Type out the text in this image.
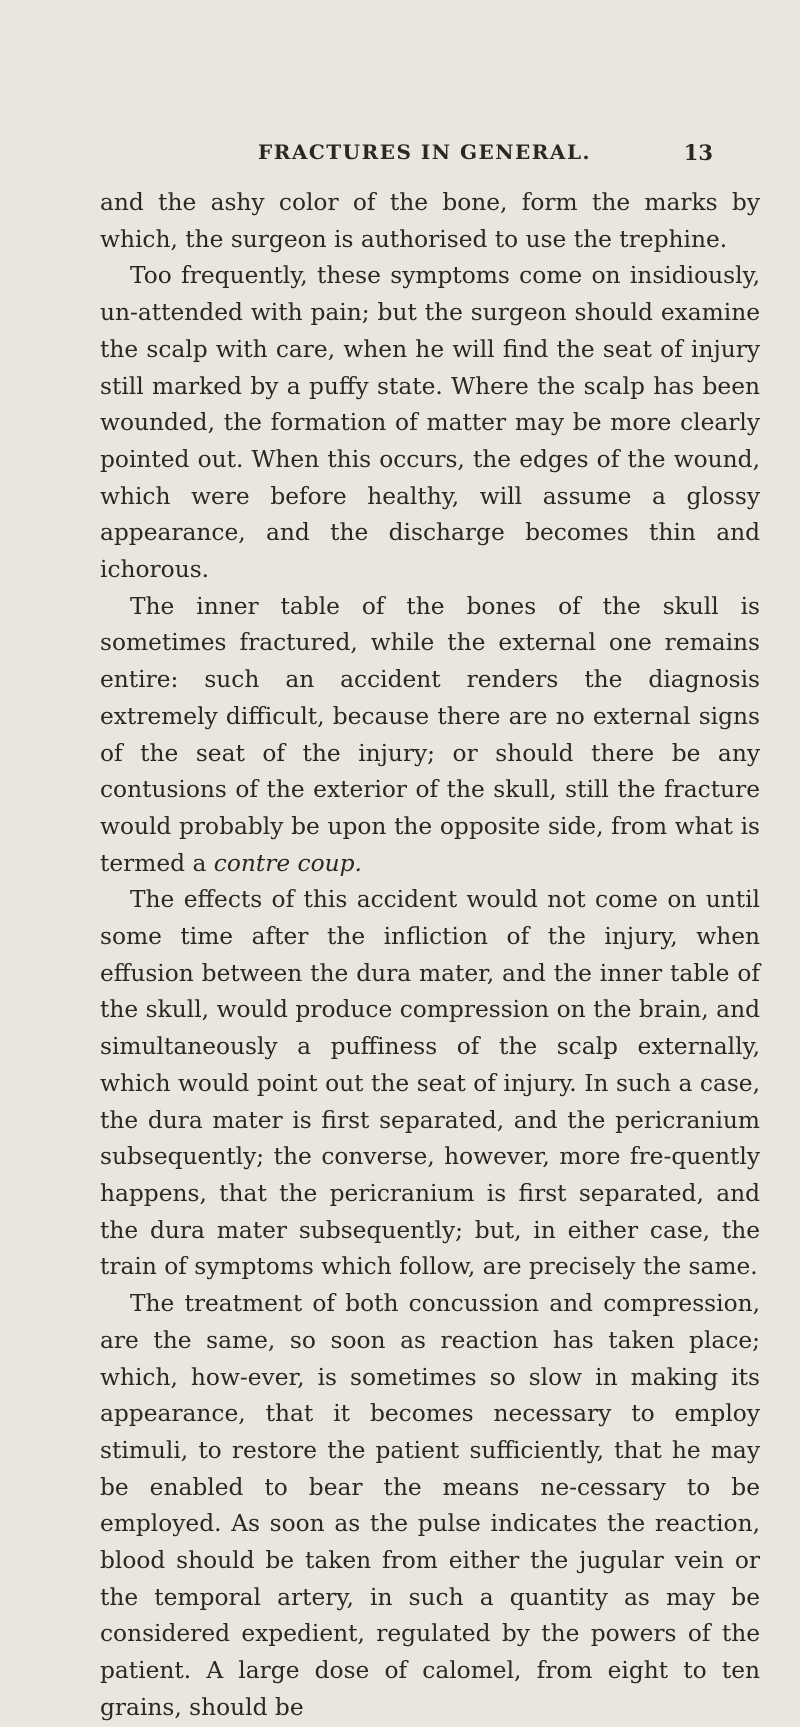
FRACTURES IN GENERAL.	13

and the ashy color of the bone, form the marks by which, the surgeon is authorised to use the trephine.

Too frequently, these symptoms come on insidiously, un-attended with pain; but the surgeon should examine the scalp with care, when he will find the seat of injury still marked by a puffy state. Where the scalp has been wounded, the formation of matter may be more clearly pointed out. When this occurs, the edges of the wound, which were before healthy, will assume a glossy appearance, and the discharge becomes thin and ichorous.

The inner table of the bones of the skull is sometimes fractured, while the external one remains entire: such an accident renders the diagnosis extremely difficult, because there are no external signs of the seat of the injury; or should there be any contusions of the exterior of the skull, still the fracture would probably be upon the opposite side, from what is termed a contre coup.

The effects of this accident would not come on until some time after the infliction of the injury, when effusion between the dura mater, and the inner table of the skull, would produce compression on the brain, and simultaneously a puffiness of the scalp externally, which would point out the seat of injury. In such a case, the dura mater is first separated, and the pericranium subsequently; the converse, however, more fre-quently happens, that the pericranium is first separated, and the dura mater subsequently; but, in either case, the train of symptoms which follow, are precisely the same.

The treatment of both concussion and compression, are the same, so soon as reaction has taken place; which, how-ever, is sometimes so slow in making its appearance, that it becomes necessary to employ stimuli, to restore the patient sufficiently, that he may be enabled to bear the means ne-cessary to be employed. As soon as the pulse indicates the reaction, blood should be taken from either the jugular vein or the temporal artery, in such a quantity as may be considered expedient, regulated by the powers of the patient. A large dose of calomel, from eight to ten grains, should be
